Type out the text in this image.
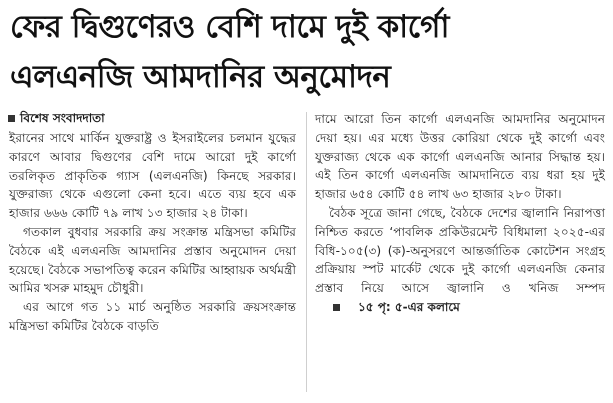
ফের দ্বিগুণেরও বেশি দামে দুই কার্গো
এলএনজি আমদানির অনুমোদন
বিশেষ সংবাদদাতা

ইরানের সাথে মার্কিন যুক্তরাষ্ট্র ও ইসরাইলের চলমান যুদ্ধের কারণে আবার দ্বিগুণের বেশি দামে আরো দুই কার্গো তরলিকৃত প্রাকৃতিক গ্যাস (এলএনজি) কিনছে সরকার। যুক্তরাজ্য থেকে এগুলো কেনা হবে। এতে ব্যয় হবে এক হাজার ৬৬৬ কোটি ৭৯ লাখ ১৩ হাজার ২৪ টাকা।

গতকাল বুধবার সরকারি ক্রয় সংক্রান্ত মন্ত্রিসভা কমিটির বৈঠকে এই এলএনজি আমদানির প্রস্তাব অনুমোদন দেয়া হয়েছে। বৈঠকে সভাপতিত্ব করেন কমিটির আহ্বায়ক অর্থমন্ত্রী আমির খসরু মাহমুদ চৌধুরী।

এর আগে গত ১১ মার্চ অনুষ্ঠিত সরকারি ক্রয়সংক্রান্ত মন্ত্রিসভা কমিটির বৈঠকে বাড়তি

দামে আরো তিন কার্গো এলএনজি আমদানির অনুমোদন দেয়া হয়। এর মধ্যে উত্তর কোরিয়া থেকে দুই কার্গো এবং যুক্তরাজ্য থেকে এক কার্গো এলএনজি আনার সিদ্ধান্ত হয়। এই তিন কার্গো এলএনজি আমদানিতে ব্যয় ধরা হয় দুই হাজার ৬৫৪ কোটি ৫৪ লাখ ৬৩ হাজার ২৮০ টাকা।

বৈঠক সূত্রে জানা গেছে, বৈঠকে দেশের জ্বালানি নিরাপত্তা নিশ্চিত করতে ‘পাবলিক প্রকিউরমেন্ট বিধিমালা ২০২৫-এর বিধি-১০৫(৩) (ক)-অনুসরণে আন্তর্জাতিক কোটেশন সংগ্রহ প্রক্রিয়ায় স্পট মার্কেট থেকে দুই কার্গো এলএনজি কেনার প্রস্তাব নিয়ে আসে জ্বালানি ও খনিজ সম্পদ
১৫ পৃ: ৫-এর কলামে
